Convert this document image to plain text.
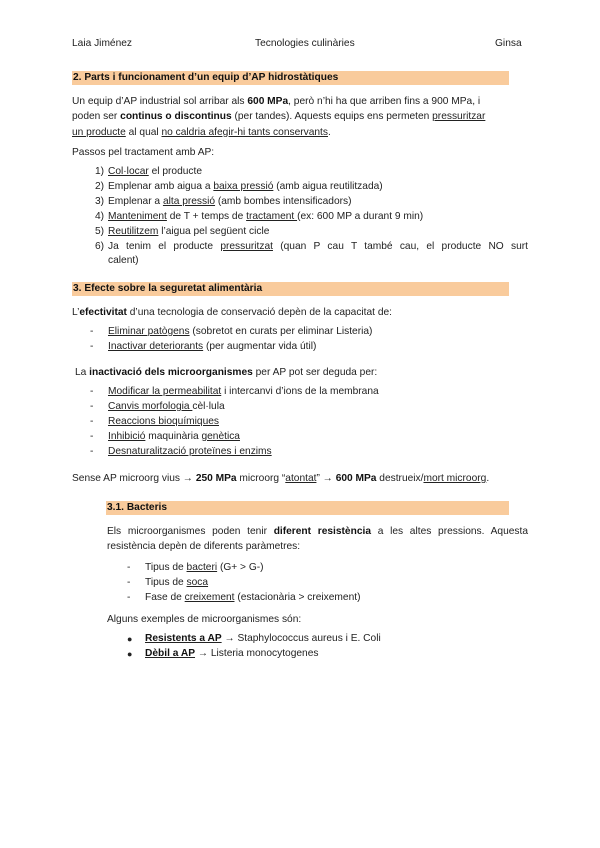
Laia Jiménez	Tecnologies culinàries	Ginsa
2. Parts i funcionament d’un equip d’AP hidrostàtiques
Un equip d’AP industrial sol arribar als 600 MPa, però n’hi ha que arriben fins a 900 MPa, i
poden ser continus o discontinus (per tandes). Aquests equips ens permeten pressuritzar
un producte al qual no caldria afegir-hi tants conservants.
Passos pel tractament amb AP:
1) Col·locar el producte
2) Emplenar amb aigua a baixa pressió (amb aigua reutilitzada)
3) Emplenar a alta pressió (amb bombes intensificadors)
4) Manteniment de T + temps de tractament (ex: 600 MP a durant 9 min)
5) Reutilitzem l’aigua pel següent cicle
6) Ja tenim el producte pressuritzat (quan P cau T també cau, el producte NO surt
calent)
3. Efecte sobre la seguretat alimentària
L’efectivitat d’una tecnologia de conservació depèn de la capacitat de:
- Eliminar patògens (sobretot en curats per eliminar Listeria)
- Inactivar deteriorants (per augmentar vida útil)
La inactivació dels microorganismes per AP pot ser deguda per:
- Modificar la permeabilitat i intercanvi d’ions de la membrana
- Canvis morfologia cèl·lula
- Reaccions bioquímiques
- Inhibició maquinària genètica
- Desnaturalització proteïnes i enzims
Sense AP microorg vius → 250 MPa microorg “atontat” → 600 MPa destrueix/mort microorg.
3.1. Bacteris
Els microorganismes poden tenir diferent resistència a les altes pressions. Aquesta
resistència depèn de diferents paràmetres:
- Tipus de bacteri (G+ > G-)
- Tipus de soca
- Fase de creixement (estacionària > creixement)
Alguns exemples de microorganismes són:
● Resistents a AP → Staphylococcus aureus i E. Coli
● Dèbil a AP → Listeria monocytogenes
